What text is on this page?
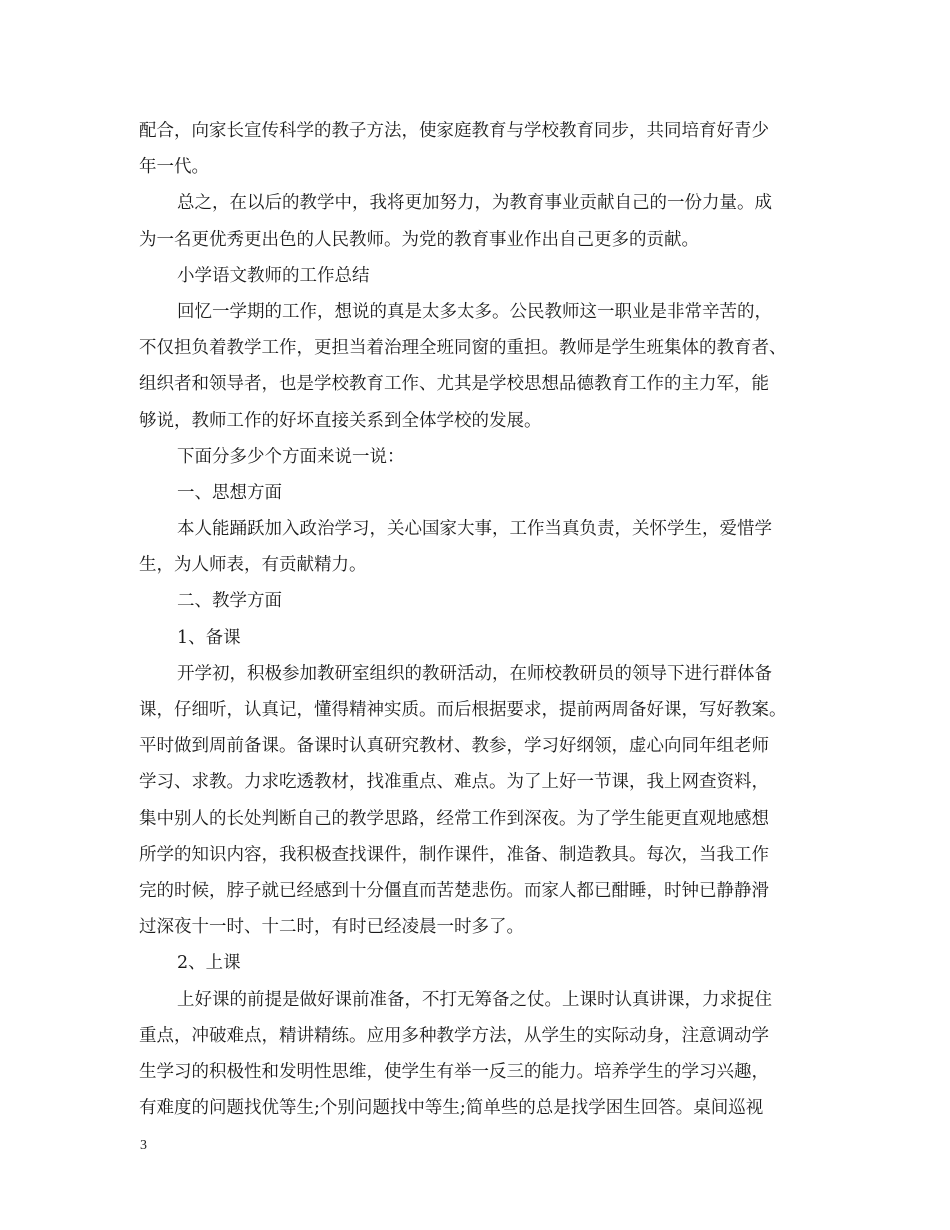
配合，向家长宣传科学的教子方法，使家庭教育与学校教育同步，共同培育好青少
年一代。
总之，在以后的教学中，我将更加努力，为教育事业贡献自己的一份力量。成
为一名更优秀更出色的人民教师。为党的教育事业作出自己更多的贡献。
小学语文教师的工作总结
回忆一学期的工作，想说的真是太多太多。公民教师这一职业是非常辛苦的，
不仅担负着教学工作，更担当着治理全班同窗的重担。教师是学生班集体的教育者、
组织者和领导者，也是学校教育工作、尤其是学校思想品德教育工作的主力军，能
够说，教师工作的好坏直接关系到全体学校的发展。
下面分多少个方面来说一说：
一、思想方面
本人能踊跃加入政治学习，关心国家大事，工作当真负责，关怀学生，爱惜学
生，为人师表，有贡献精力。
二、教学方面
1、备课
开学初，积极参加教研室组织的教研活动，在师校教研员的领导下进行群体备
课，仔细听，认真记，懂得精神实质。而后根据要求，提前两周备好课，写好教案。
平时做到周前备课。备课时认真研究教材、教参，学习好纲领，虚心向同年组老师
学习、求教。力求吃透教材，找准重点、难点。为了上好一节课，我上网查资料，
集中别人的长处判断自己的教学思路，经常工作到深夜。为了学生能更直观地感想
所学的知识内容，我积极查找课件，制作课件，准备、制造教具。每次，当我工作
完的时候，脖子就已经感到十分僵直而苦楚悲伤。而家人都已酣睡，时钟已静静滑
过深夜十一时、十二时，有时已经凌晨一时多了。
2、上课
上好课的前提是做好课前准备，不打无筹备之仗。上课时认真讲课，力求捉住
重点，冲破难点，精讲精练。应用多种教学方法，从学生的实际动身，注意调动学
生学习的积极性和发明性思维，使学生有举一反三的能力。培养学生的学习兴趣，
有难度的问题找优等生;个别问题找中等生;简单些的总是找学困生回答。桌间巡视
3
